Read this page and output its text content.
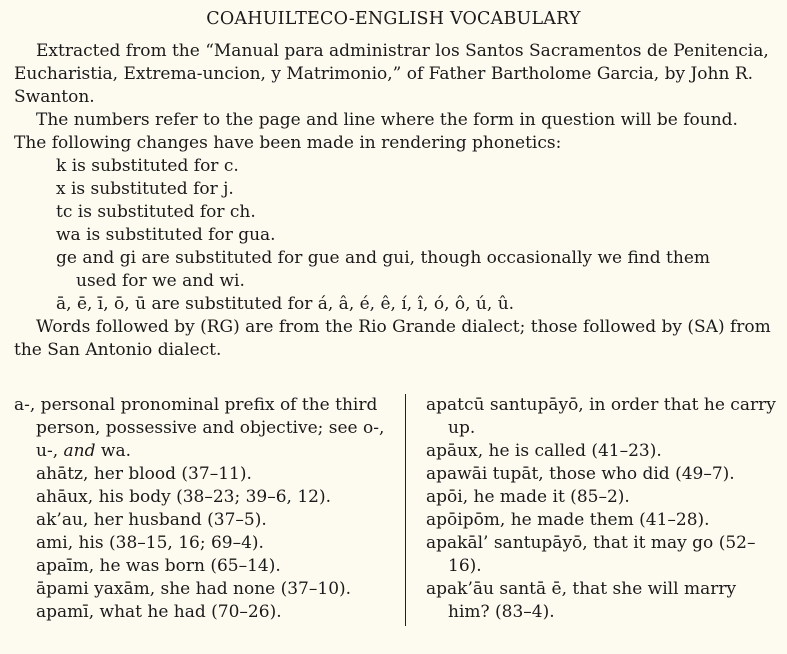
COAHUILTECO-ENGLISH VOCABULARY

Extracted from the “Manual para administrar los Santos Sacramentos de Penitencia, Eucharistia, Extrema-uncion, y Matrimonio,” of Father Bartholome Garcia, by John R. Swanton.

The numbers refer to the page and line where the form in question will be found.

The following changes have been made in rendering phonetics:

k is substituted for c.

x is substituted for j.

tc is substituted for ch.

wa is substituted for gua.

ge and gi are substituted for gue and gui, though occasionally we find them

used for we and wi.

ā, ē, ī, ō, ū are substituted for á, â, é, ê, í, î, ó, ô, ú, û.

Words followed by (RG) are from the Rio Grande dialect; those followed by (SA) from the San Antonio dialect.

a-, personal pronominal prefix of the third person, possessive and objective; see o-, u-, and wa.

ahātz, her blood (37–11).

ahāux, his body (38–23; 39–6, 12).

ak’au, her husband (37–5).

ami, his (38–15, 16; 69–4).

apaīm, he was born (65–14).

āpami yaxām, she had none (37–10).

apamī, what he had (70–26).

apatcū santupāyō, in order that he carry up.

apāux, he is called (41–23).

apawāi tupāt, those who did (49–7).

apōi, he made it (85–2).

apōipōm, he made them (41–28).

apakāl’ santupāyō, that it may go (52–16).

apak’āu santā ē, that she will marry him? (83–4).
